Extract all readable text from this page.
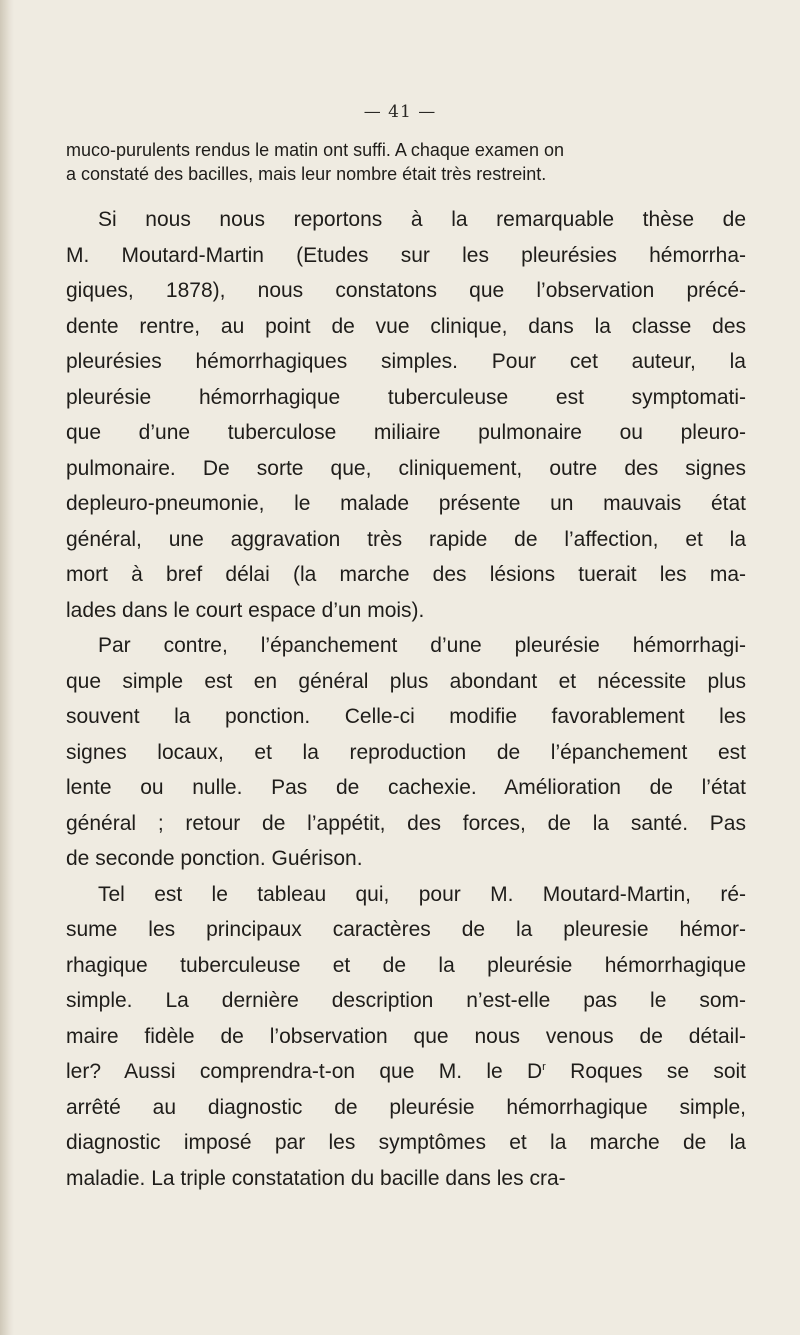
— 41 —
muco-purulents rendus le matin ont suffi. A chaque examen on
a constaté des bacilles, mais leur nombre était très restreint.
Si nous nous reportons à la remarquable thèse de
M. Moutard-Martin (Etudes sur les pleurésies hémorrha-
giques, 1878), nous constatons que l’observation précé-
dente rentre, au point de vue clinique, dans la classe des
pleurésies hémorrhagiques simples. Pour cet auteur, la
pleurésie hémorrhagique tuberculeuse est symptomati-
que d’une tuberculose miliaire pulmonaire ou pleuro-
pulmonaire. De sorte que, cliniquement, outre des signes
depleuro-pneumonie, le malade présente un mauvais état
général, une aggravation très rapide de l’affection, et la
mort à bref délai (la marche des lésions tuerait les ma-
lades dans le court espace d’un mois).
Par contre, l’épanchement d’une pleurésie hémorrhagi-
que simple est en général plus abondant et nécessite plus
souvent la ponction. Celle-ci modifie favorablement les
signes locaux, et la reproduction de l’épanchement est
lente ou nulle. Pas de cachexie. Amélioration de l’état
général ; retour de l’appétit, des forces, de la santé. Pas
de seconde ponction. Guérison.
Tel est le tableau qui, pour M. Moutard-Martin, ré-
sume les principaux caractères de la pleuresie hémor-
rhagique tuberculeuse et de la pleurésie hémorrhagique
simple. La dernière description n’est-elle pas le som-
maire fidèle de l’observation que nous venous de détail-
ler? Aussi comprendra-t-on que M. le $D^r$ Roques se soit
arrêté au diagnostic de pleurésie hémorrhagique simple,
diagnostic imposé par les symptômes et la marche de la
maladie. La triple constatation du bacille dans les cra-
